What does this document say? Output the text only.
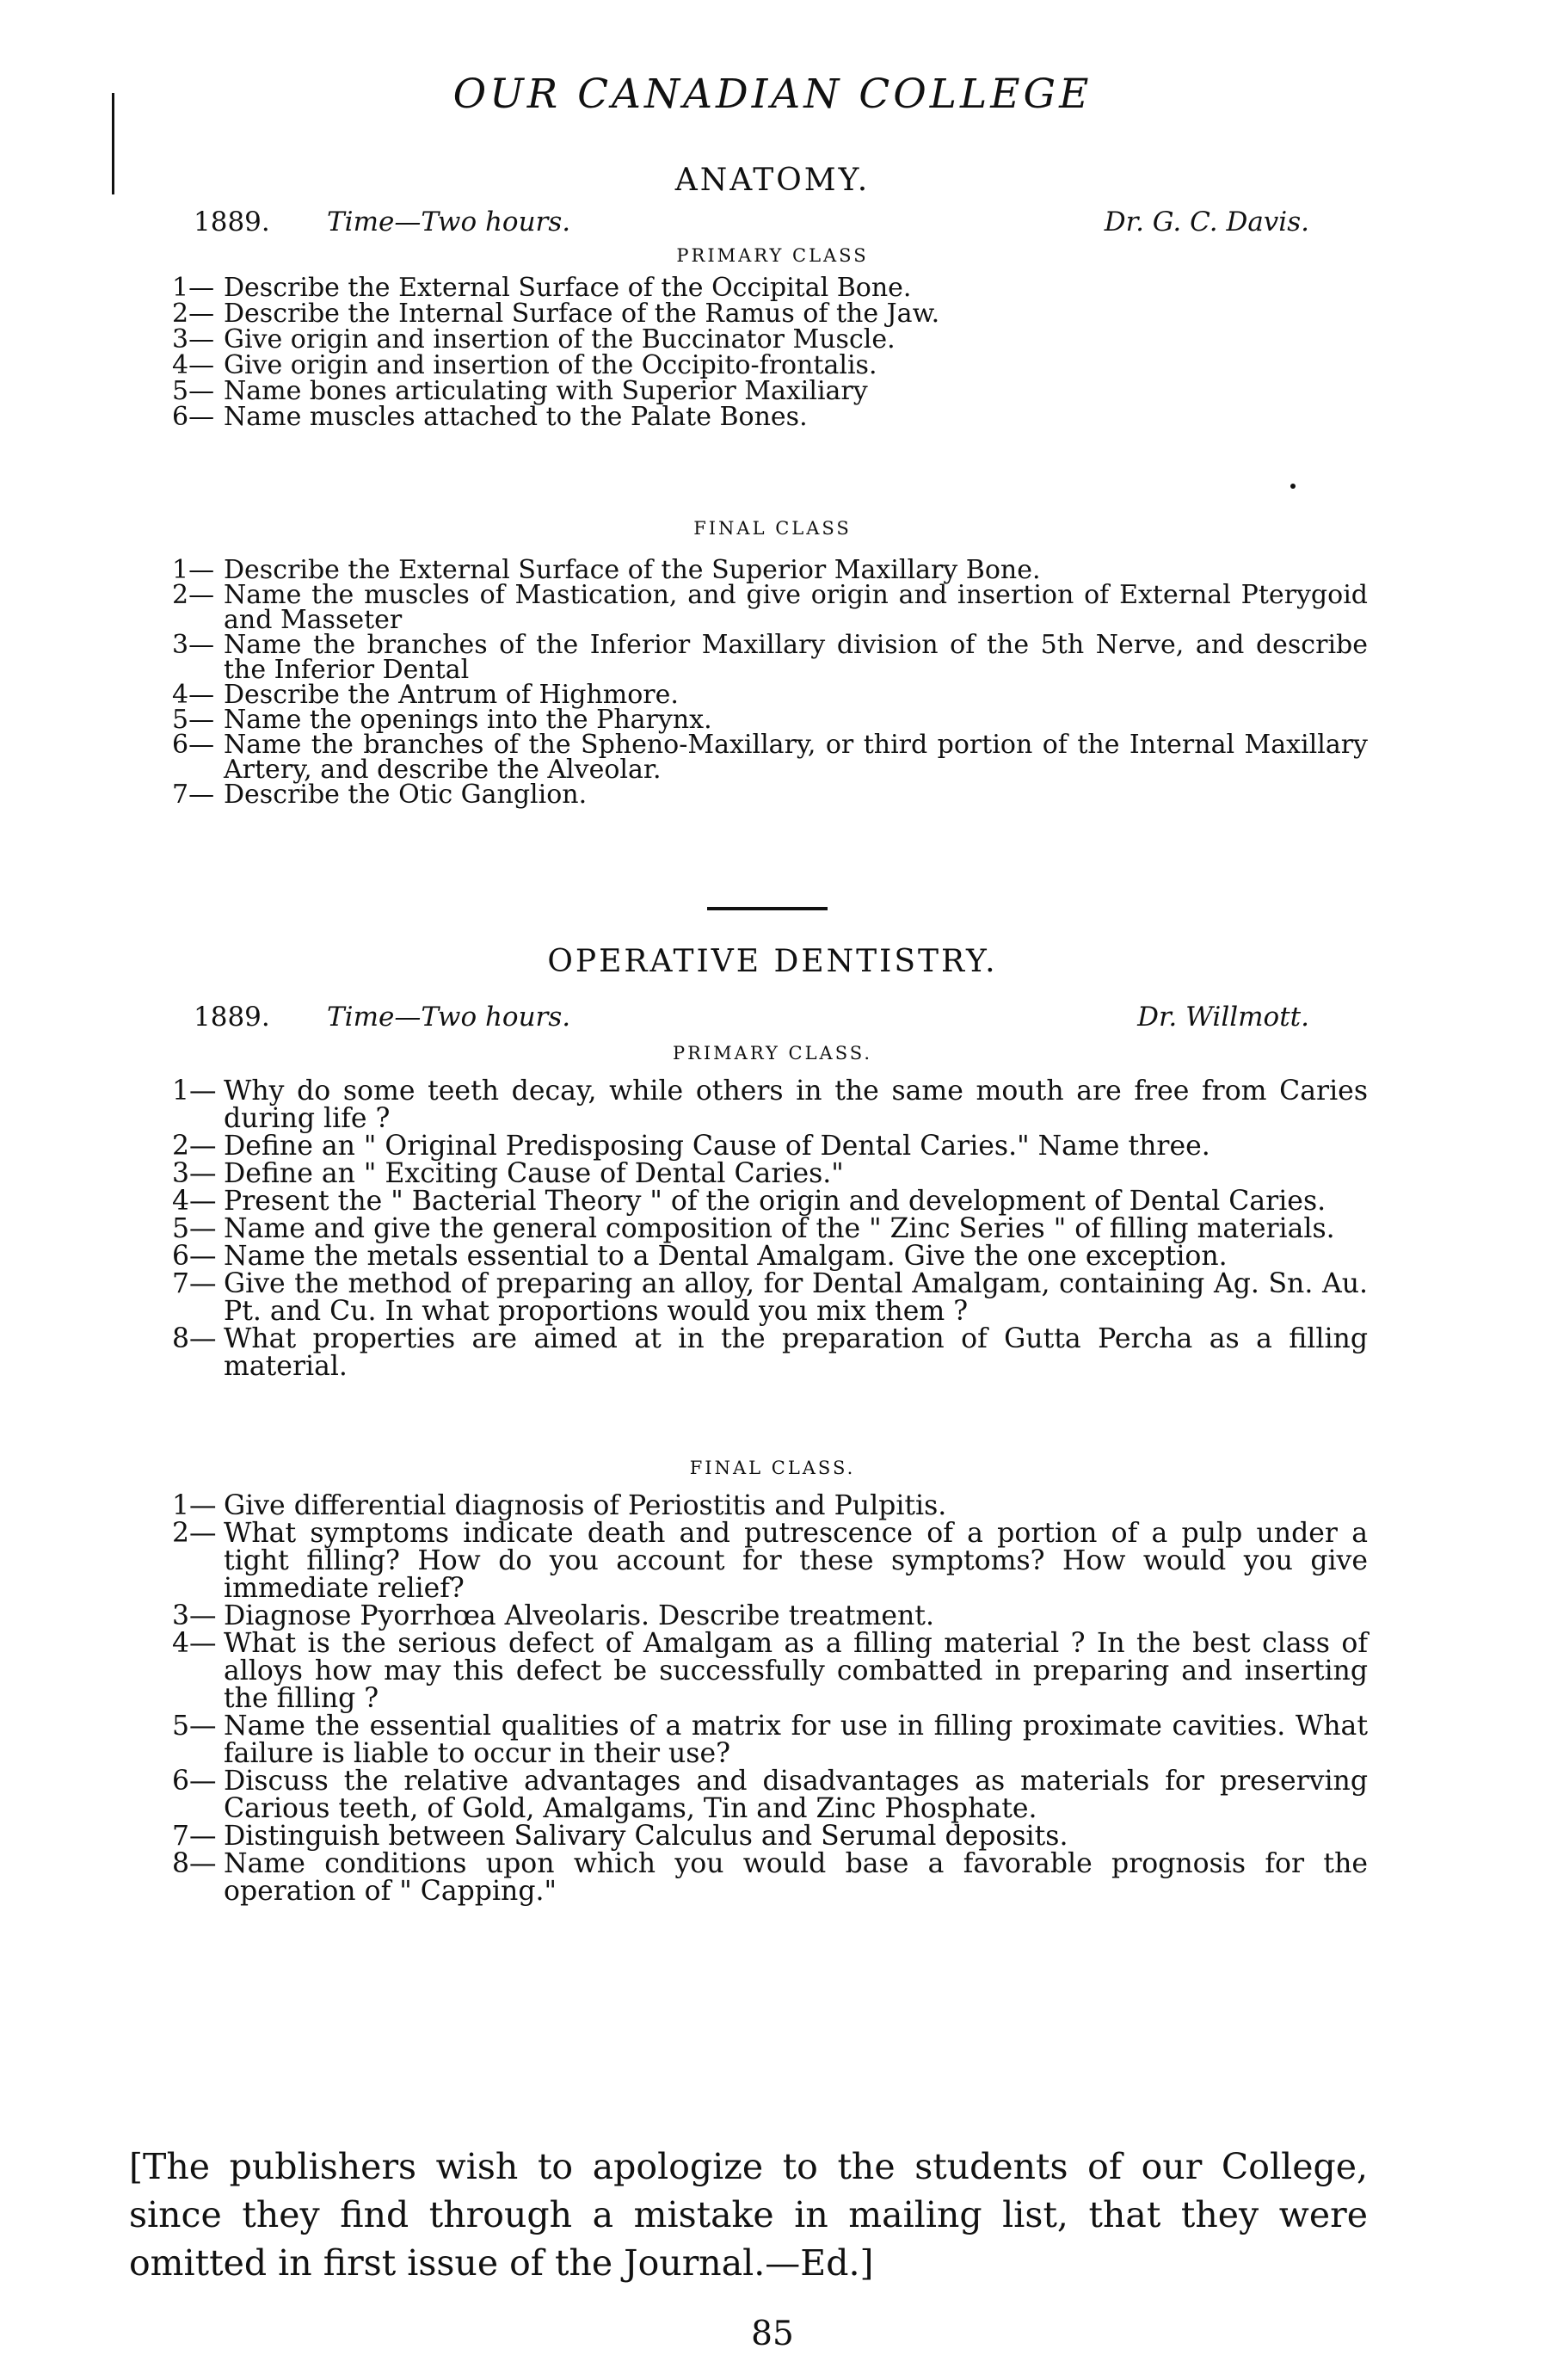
OUR CANADIAN COLLEGE
ANATOMY.
1889. Time—Two hours.	Dr. G. C. Davis.
PRIMARY CLASS
1— Describe the External Surface of the Occipital Bone.
2— Describe the Internal Surface of the Ramus of the Jaw.
3— Give origin and insertion of the Buccinator Muscle.
4— Give origin and insertion of the Occipito-frontalis.
5— Name bones articulating with Superior Maxiliary
6— Name muscles attached to the Palate Bones.
FINAL CLASS
1— Describe the External Surface of the Superior Maxillary Bone.
2— Name the muscles of Mastication, and give origin and insertion of External Pterygoid and Masseter
3— Name the branches of the Inferior Maxillary division of the 5th Nerve, and describe the Inferior Dental
4— Describe the Antrum of Highmore.
5— Name the openings into the Pharynx.
6— Name the branches of the Spheno-Maxillary, or third portion of the Internal Maxillary Artery, and describe the Alveolar.
7— Describe the Otic Ganglion.
OPERATIVE DENTISTRY.
1889. Time—Two hours.	Dr. Willmott.
PRIMARY CLASS.
1— Why do some teeth decay, while others in the same mouth are free from Caries during life ?
2— Define an " Original Predisposing Cause of Dental Caries." Name three.
3— Define an " Exciting Cause of Dental Caries."
4— Present the " Bacterial Theory " of the origin and development of Dental Caries.
5— Name and give the general composition of the " Zinc Series " of filling materials.
6— Name the metals essential to a Dental Amalgam. Give the one exception.
7— Give the method of preparing an alloy, for Dental Amalgam, containing Ag. Sn. Au. Pt. and Cu. In what proportions would you mix them ?
8— What properties are aimed at in the preparation of Gutta Percha as a filling material.
FINAL CLASS.
1— Give differential diagnosis of Periostitis and Pulpitis.
2— What symptoms indicate death and putrescence of a portion of a pulp under a tight filling? How do you account for these symptoms? How would you give immediate relief?
3— Diagnose Pyorrhœa Alveolaris. Describe treatment.
4— What is the serious defect of Amalgam as a filling material ? In the best class of alloys how may this defect be successfully combatted in preparing and inserting the filling ?
5— Name the essential qualities of a matrix for use in filling proximate cavities. What failure is liable to occur in their use?
6— Discuss the relative advantages and disadvantages as materials for preserving Carious teeth, of Gold, Amalgams, Tin and Zinc Phosphate.
7— Distinguish between Salivary Calculus and Serumal deposits.
8— Name conditions upon which you would base a favorable prognosis for the operation of " Capping."

[The publishers wish to apologize to the students of our College, since they find through a mistake in mailing list, that they were omitted in first issue of the Journal.—Ed.]

85
